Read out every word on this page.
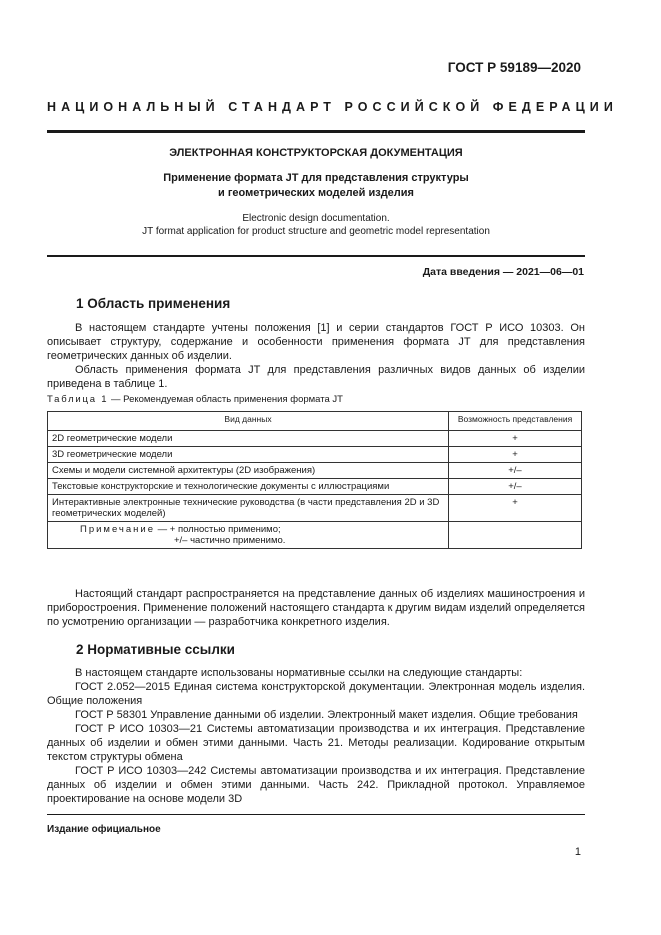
ГОСТ Р 59189—2020
НАЦИОНАЛЬНЫЙ СТАНДАРТ РОССИЙСКОЙ ФЕДЕРАЦИИ
ЭЛЕКТРОННАЯ КОНСТРУКТОРСКАЯ ДОКУМЕНТАЦИЯ
Применение формата JT для представления структуры
и геометрических моделей изделия
Electronic design documentation.
JT format application for product structure and geometric model representation
Дата введения — 2021—06—01
1 Область применения

В настоящем стандарте учтены положения [1] и серии стандартов ГОСТ Р ИСО 10303. Он описывает структуру, содержание и особенности применения формата JT для представления геометрических данных об изделии.

Область применения формата JT для представления различных видов данных об изделии приведена в таблице 1.

Таблица 1 — Рекомендуемая область применения формата JT
Вид данных	Возможность представления
2D геометрические модели	+
3D геометрические модели	+
Схемы и модели системной архитектуры (2D изображения)	+/–
Текстовые конструкторские и технологические документы с иллюстрациями	+/–
Интерактивные электронные технические руководства (в части представления 2D и 3D геометрических моделей)	+

Примечание — + полностью применимо;
+/– частично применимо.	

Настоящий стандарт распространяется на представление данных об изделиях машиностроения и приборостроения. Применение положений настоящего стандарта к другим видам изделий определяется по усмотрению организации — разработчика конкретного изделия.

2 Нормативные ссылки

В настоящем стандарте использованы нормативные ссылки на следующие стандарты:

ГОСТ 2.052—2015 Единая система конструкторской документации. Электронная модель изделия. Общие положения

ГОСТ Р 58301 Управление данными об изделии. Электронный макет изделия. Общие требования

ГОСТ Р ИСО 10303—21 Системы автоматизации производства и их интеграция. Представление данных об изделии и обмен этими данными. Часть 21. Методы реализации. Кодирование открытым текстом структуры обмена

ГОСТ Р ИСО 10303—242 Системы автоматизации производства и их интеграция. Представление данных об изделии и обмен этими данными. Часть 242. Прикладной протокол. Управляемое проектирование на основе модели 3D

Издание официальное
1
